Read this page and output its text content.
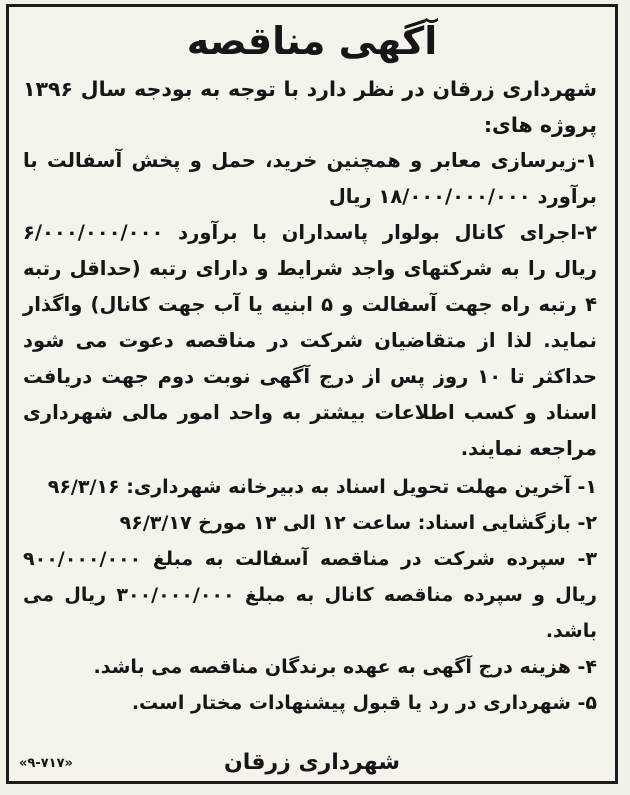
آگهی مناقصه
شهرداری زرقان در نظر دارد با توجه به بودجه سال ۱۳۹۶ پروژه های:
۱-زیرسازی معابر و همچنین خرید، حمل و پخش آسفالت با برآورد ۱۸/۰۰۰/۰۰۰/۰۰۰ ریال
۲-اجرای کانال بولوار پاسداران با برآورد ۶/۰۰۰/۰۰۰/۰۰۰ ریال را به شرکتهای واجد شرایط و دارای رتبه (حداقل رتبه ۴ رتبه راه جهت آسفالت و ۵ ابنیه یا آب جهت کانال) واگذار نماید. لذا از متقاضیان شرکت در مناقصه دعوت می شود حداکثر تا ۱۰ روز پس از درج آگهی نوبت دوم جهت دریافت اسناد و کسب اطلاعات بیشتر به واحد امور مالی شهرداری مراجعه نمایند.
۱- آخرین مهلت تحویل اسناد به دبیرخانه شهرداری: ۹۶/۳/۱۶
۲- بازگشایی اسناد: ساعت ۱۲ الی ۱۳ مورخ ۹۶/۳/۱۷
۳- سپرده شرکت در مناقصه آسفالت به مبلغ ۹۰۰/۰۰۰/۰۰۰ ریال و سپرده مناقصه کانال به مبلغ ۳۰۰/۰۰۰/۰۰۰ ریال می باشد.
۴- هزینه درج آگهی به عهده برندگان مناقصه می باشد.
۵- شهرداری در رد یا قبول پیشنهادات مختار است.
شهرداری زرقان
«۹-۷۱۷»
